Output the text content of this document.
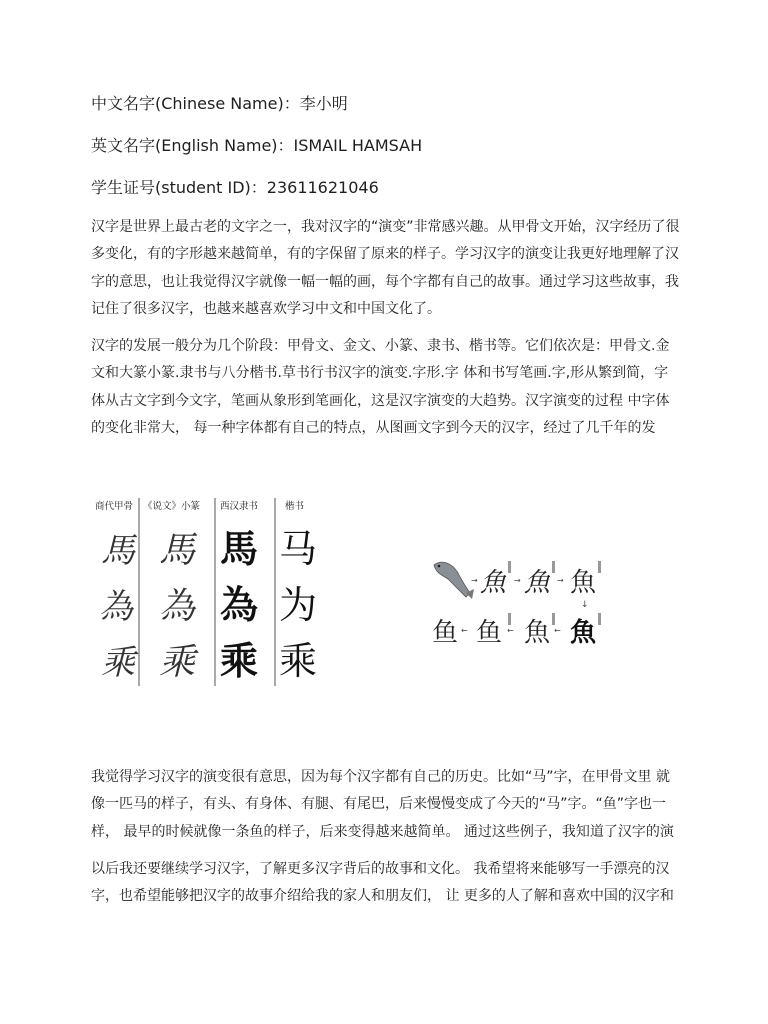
中文名字(Chinese Name)：李小明
英文名字(English Name)：ISMAIL HAMSAH
学生证号(student ID)：23611621046
汉字是世界上最古老的文字之一，我对汉字的“演变”非常感兴趣。从甲骨文开始，汉字经历了很多变化，有的字形越来越简单，有的字保留了原来的样子。学习汉字的演变让我更好地理解了汉字的意思，也让我觉得汉字就像一幅一幅的画，每个字都有自己的故事。通过学习这些故事，我记住了很多汉字，也越来越喜欢学习中文和中国文化了。
汉字的发展一般分为几个阶段：甲骨文、金文、小篆、隶书、楷书等。它们依次是：甲骨文.金文和大篆小篆.隶书与八分楷书.草书行书汉字的演变.字形.字 体和书写笔画.字,形从繁到简，字体从古文字到今文字，笔画从象形到笔画化，这是汉字演变的大趋势。汉字演变的过程 中字体的变化非常大， 每一种字体都有自己的特点，从图画文字到今天的汉字，经过了几千年的发
商代甲骨 《说文》小篆 西汉隶书	楷书
馬 馬 馬 马
為 為 為 为
乘 乘 乘 乘
→	→	→
魚 魚 魚
↓
鱼 ← 鱼 ← 魚 ← 魚
我觉得学习汉字的演变很有意思，因为每个汉字都有自己的历史。比如“马”字，在甲骨文里 就像一匹马的样子，有头、有身体、有腿、有尾巴，后来慢慢变成了今天的“马”字。“鱼”字也一样， 最早的时候就像一条鱼的样子，后来变得越来越简单。 通过这些例子，我知道了汉字的演
以后我还要继续学习汉字，了解更多汉字背后的故事和文化。 我希望将来能够写一手漂亮的汉字，也希望能够把汉字的故事介绍给我的家人和朋友们， 让 更多的人了解和喜欢中国的汉字和
